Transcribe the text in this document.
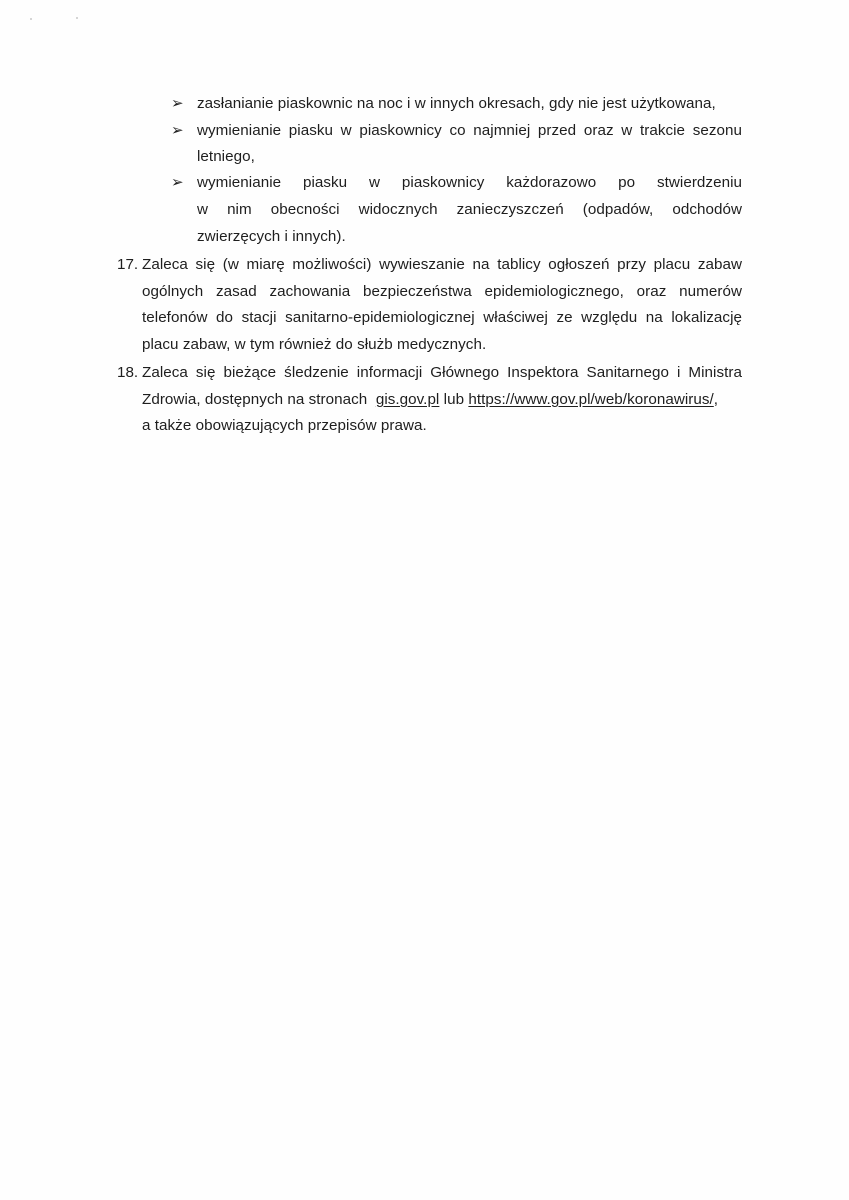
➢ zasłanianie piaskownic na noc i w innych okresach, gdy nie jest użytkowana,
➢ wymienianie piasku w piaskownicy co najmniej przed oraz w trakcie sezonu
letniego,
➢ wymienianie piasku w piaskownicy każdorazowo po stwierdzeniu
w nim obecności widocznych zanieczyszczeń (odpadów, odchodów
zwierzęcych i innych).
17. Zaleca się (w miarę możliwości) wywieszanie na tablicy ogłoszeń przy placu zabaw
ogólnych zasad zachowania bezpieczeństwa epidemiologicznego, oraz numerów
telefonów do stacji sanitarno-epidemiologicznej właściwej ze względu na lokalizację
placu zabaw, w tym również do służb medycznych.
18. Zaleca się bieżące śledzenie informacji Głównego Inspektora Sanitarnego i Ministra
Zdrowia, dostępnych na stronach gis.gov.pl lub https://www.gov.pl/web/koronawirus/,
a także obowiązujących przepisów prawa.
